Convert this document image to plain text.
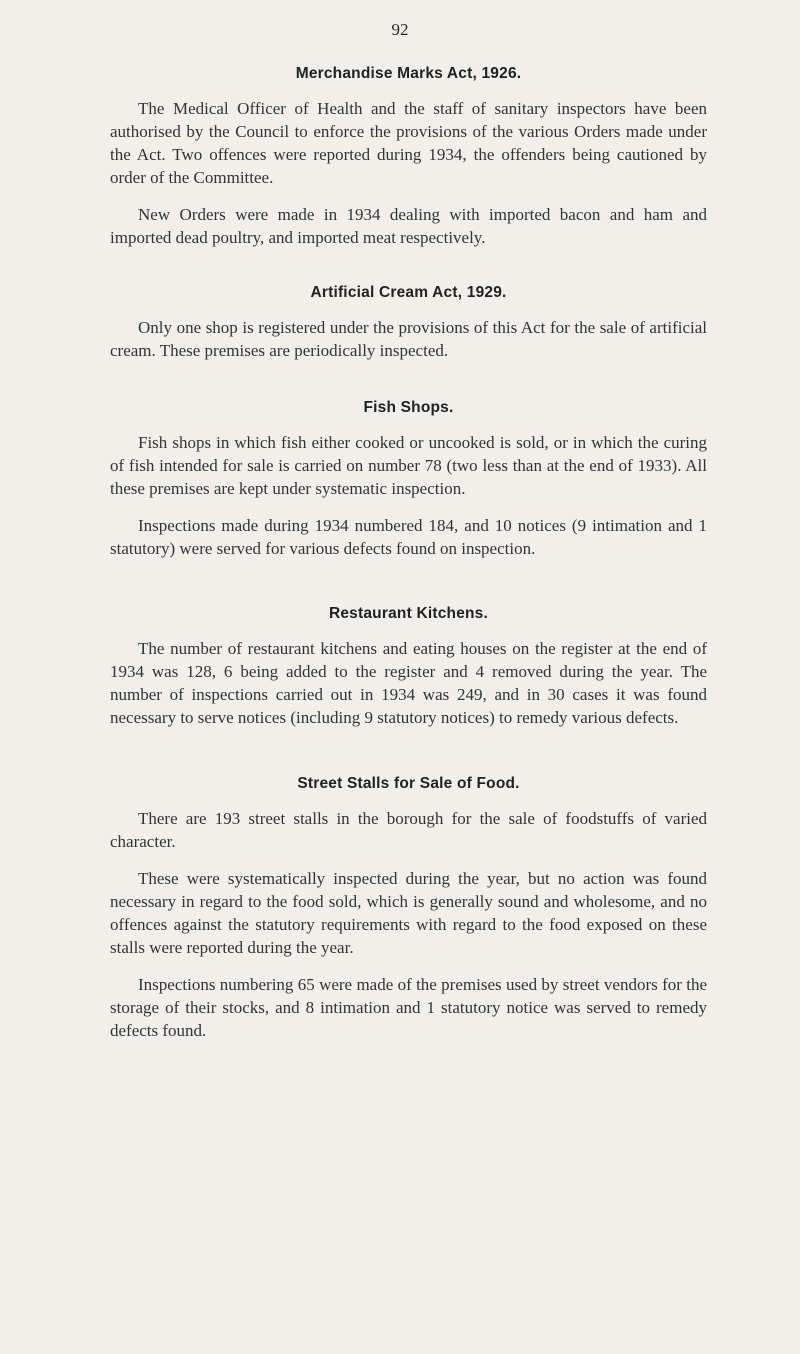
92
Merchandise Marks Act, 1926.

The Medical Officer of Health and the staff of sanitary inspectors have been authorised by the Council to enforce the provisions of the various Orders made under the Act. Two offences were reported during 1934, the offenders being cautioned by order of the Committee.

New Orders were made in 1934 dealing with imported bacon and ham and imported dead poultry, and imported meat respectively.

Artificial Cream Act, 1929.

Only one shop is registered under the provisions of this Act for the sale of artificial cream. These premises are periodically inspected.

Fish Shops.

Fish shops in which fish either cooked or uncooked is sold, or in which the curing of fish intended for sale is carried on number 78 (two less than at the end of 1933). All these premises are kept under systematic inspection.

Inspections made during 1934 numbered 184, and 10 notices (9 intimation and 1 statutory) were served for various defects found on inspection.

Restaurant Kitchens.

The number of restaurant kitchens and eating houses on the register at the end of 1934 was 128, 6 being added to the register and 4 removed during the year. The number of inspections carried out in 1934 was 249, and in 30 cases it was found necessary to serve notices (including 9 statutory notices) to remedy various defects.

Street Stalls for Sale of Food.

There are 193 street stalls in the borough for the sale of foodstuffs of varied character.

These were systematically inspected during the year, but no action was found necessary in regard to the food sold, which is generally sound and wholesome, and no offences against the statutory requirements with regard to the food exposed on these stalls were reported during the year.

Inspections numbering 65 were made of the premises used by street vendors for the storage of their stocks, and 8 intimation and 1 statutory notice was served to remedy defects found.
